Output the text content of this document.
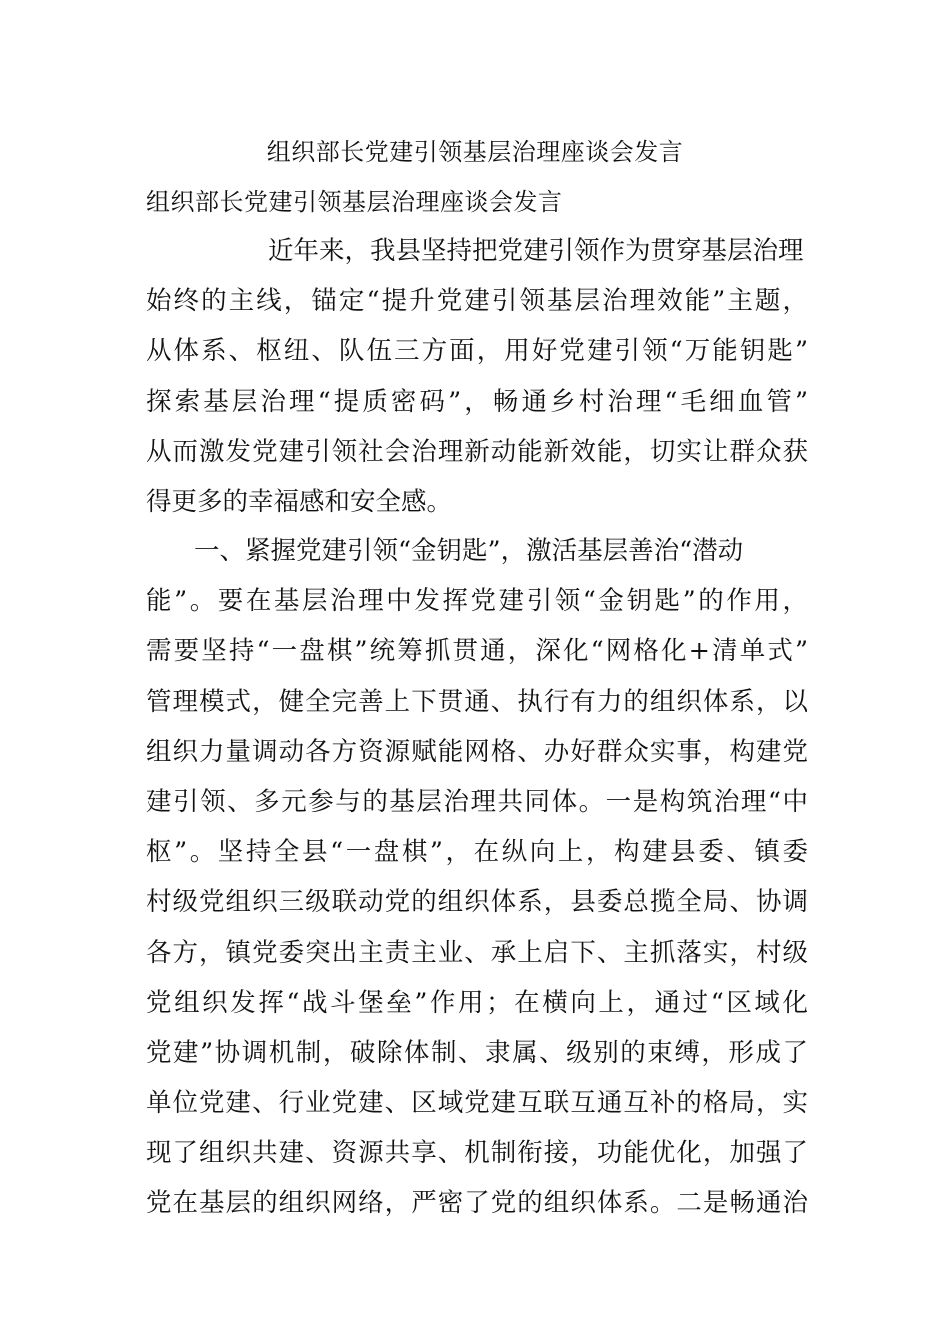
组织部长党建引领基层治理座谈会发言
组织部长党建引领基层治理座谈会发言
近年来，我县坚持把党建引领作为贯穿基层治理
始终的主线，锚定“提升党建引领基层治理效能”主题，
从体系、枢纽、队伍三方面，用好党建引领“万能钥匙”
探索基层治理“提质密码”，畅通乡村治理“毛细血管”
从而激发党建引领社会治理新动能新效能，切实让群众获
得更多的幸福感和安全感。
一、紧握党建引领“金钥匙”，激活基层善治“潜动
能”。要在基层治理中发挥党建引领“金钥匙”的作用，
需要坚持“一盘棋”统筹抓贯通，深化“网格化+清单式”
管理模式，健全完善上下贯通、执行有力的组织体系，以
组织力量调动各方资源赋能网格、办好群众实事，构建党
建引领、多元参与的基层治理共同体。一是构筑治理“中
枢”。坚持全县“一盘棋”，在纵向上，构建县委、镇委
村级党组织三级联动党的组织体系，县委总揽全局、协调
各方，镇党委突出主责主业、承上启下、主抓落实，村级
党组织发挥“战斗堡垒”作用；在横向上，通过“区域化
党建”协调机制，破除体制、隶属、级别的束缚，形成了
单位党建、行业党建、区域党建互联互通互补的格局，实
现了组织共建、资源共享、机制衔接，功能优化，加强了
党在基层的组织网络，严密了党的组织体系。二是畅通治
